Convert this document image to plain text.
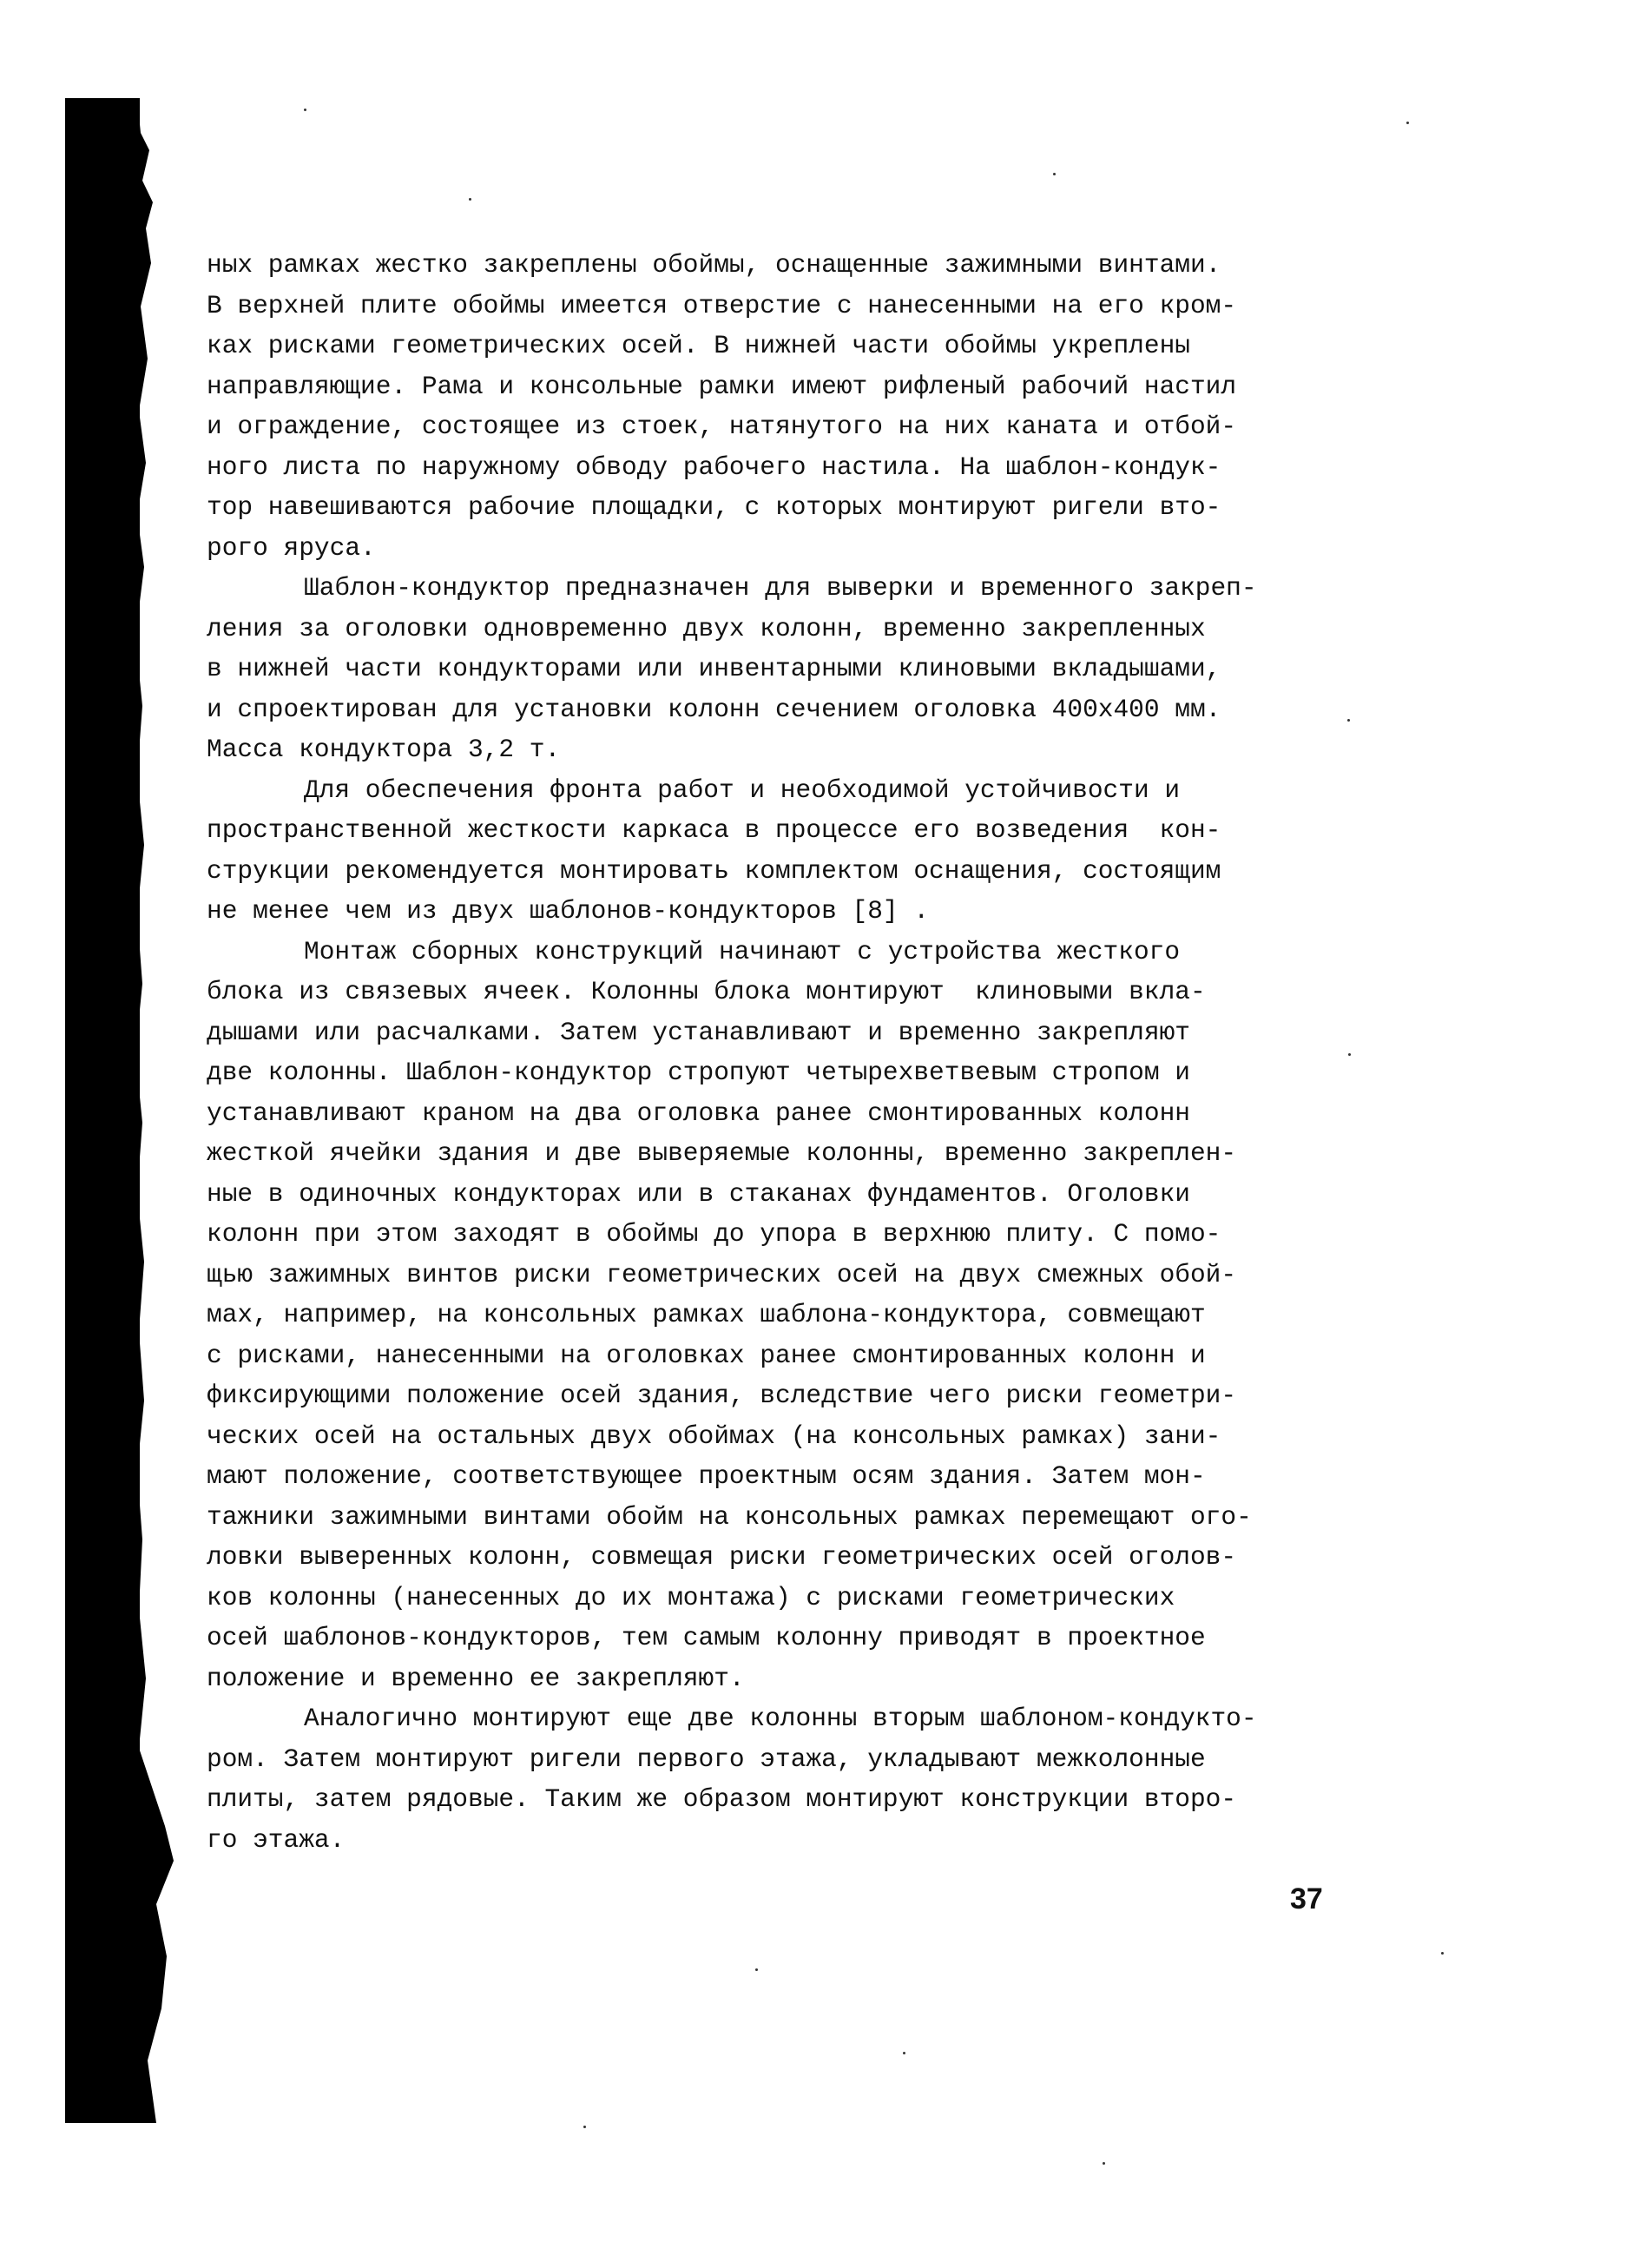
ных рамках жестко закреплены обоймы, оснащенные зажимными винтами.
В верхней плите обоймы имеется отверстие с нанесенными на его кром-
ках рисками геометрических осей. В нижней части обоймы укреплены
направляющие. Рама и консольные рамки имеют рифленый рабочий настил
и ограждение, состоящее из стоек, натянутого на них каната и отбой-
ного листа по наружному обводу рабочего настила. На шаблон-кондук-
тор навешиваются рабочие площадки, с которых монтируют ригели вто-
рого яруса.
Шаблон-кондуктор предназначен для выверки и временного закреп-
ления за оголовки одновременно двух колонн, временно закрепленных
в нижней части кондукторами или инвентарными клиновыми вкладышами,
и спроектирован для установки колонн сечением оголовка 400х400 мм.
Масса кондуктора 3,2 т.
Для обеспечения фронта работ и необходимой устойчивости и
пространственной жесткости каркаса в процессе его возведения  кон-
струкции рекомендуется монтировать комплектом оснащения, состоящим
не менее чем из двух шаблонов-кондукторов [8] .
Монтаж сборных конструкций начинают с устройства жесткого
блока из связевых ячеек. Колонны блока монтируют  клиновыми вкла-
дышами или расчалками. Затем устанавливают и временно закрепляют
две колонны. Шаблон-кондуктор стропуют четырехветвевым стропом и
устанавливают краном на два оголовка ранее смонтированных колонн
жесткой ячейки здания и две выверяемые колонны, временно закреплен-
ные в одиночных кондукторах или в стаканах фундаментов. Оголовки
колонн при этом заходят в обоймы до упора в верхнюю плиту. С помо-
щью зажимных винтов риски геометрических осей на двух смежных обой-
мах, например, на консольных рамках шаблона-кондуктора, совмещают
с рисками, нанесенными на оголовках ранее смонтированных колонн и
фиксирующими положение осей здания, вследствие чего риски геометри-
ческих осей на остальных двух обоймах (на консольных рамках) зани-
мают положение, соответствующее проектным осям здания. Затем мон-
тажники зажимными винтами обойм на консольных рамках перемещают ого-
ловки выверенных колонн, совмещая риски геометрических осей оголов-
ков колонны (нанесенных до их монтажа) с рисками геометрических
осей шаблонов-кондукторов, тем самым колонну приводят в проектное
положение и временно ее закрепляют.
Аналогично монтируют еще две колонны вторым шаблоном-кондукто-
ром. Затем монтируют ригели первого этажа, укладывают межколонные
плиты, затем рядовые. Таким же образом монтируют конструкции второ-
го этажа.
37
